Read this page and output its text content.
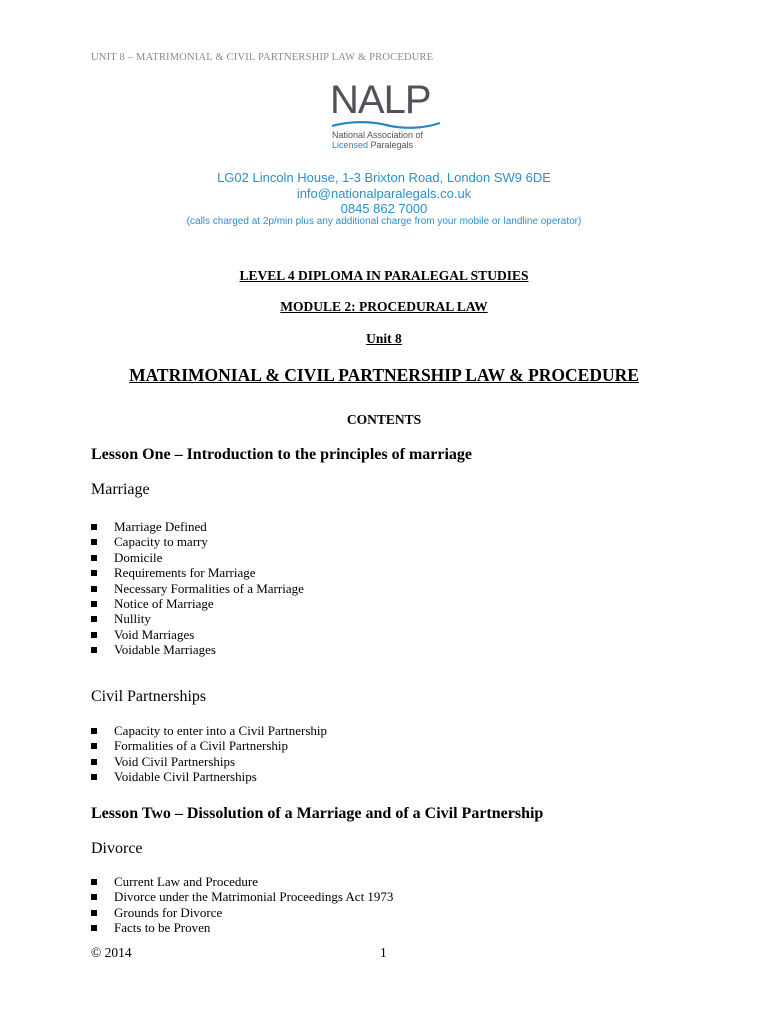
UNIT 8 – MATRIMONIAL & CIVIL PARTNERSHIP LAW & PROCEDURE
NALP
National Association of
Licensed Paralegals
LG02 Lincoln House, 1-3 Brixton Road, London SW9 6DE
info@nationalparalegals.co.uk
0845 862 7000
(calls charged at 2p/min plus any additional charge from your mobile or landline operator)
LEVEL 4 DIPLOMA IN PARALEGAL STUDIES
MODULE 2: PROCEDURAL LAW
Unit 8
MATRIMONIAL & CIVIL PARTNERSHIP LAW & PROCEDURE
CONTENTS
Lesson One – Introduction to the principles of marriage
Marriage
Marriage Defined
Capacity to marry
Domicile
Requirements for Marriage
Necessary Formalities of a Marriage
Notice of Marriage
Nullity
Void Marriages
Voidable Marriages
Civil Partnerships
Capacity to enter into a Civil Partnership
Formalities of a Civil Partnership
Void Civil Partnerships
Voidable Civil Partnerships
Lesson Two – Dissolution of a Marriage and of a Civil Partnership
Divorce
Current Law and Procedure
Divorce under the Matrimonial Proceedings Act 1973
Grounds for Divorce
Facts to be Proven
© 2014	1
